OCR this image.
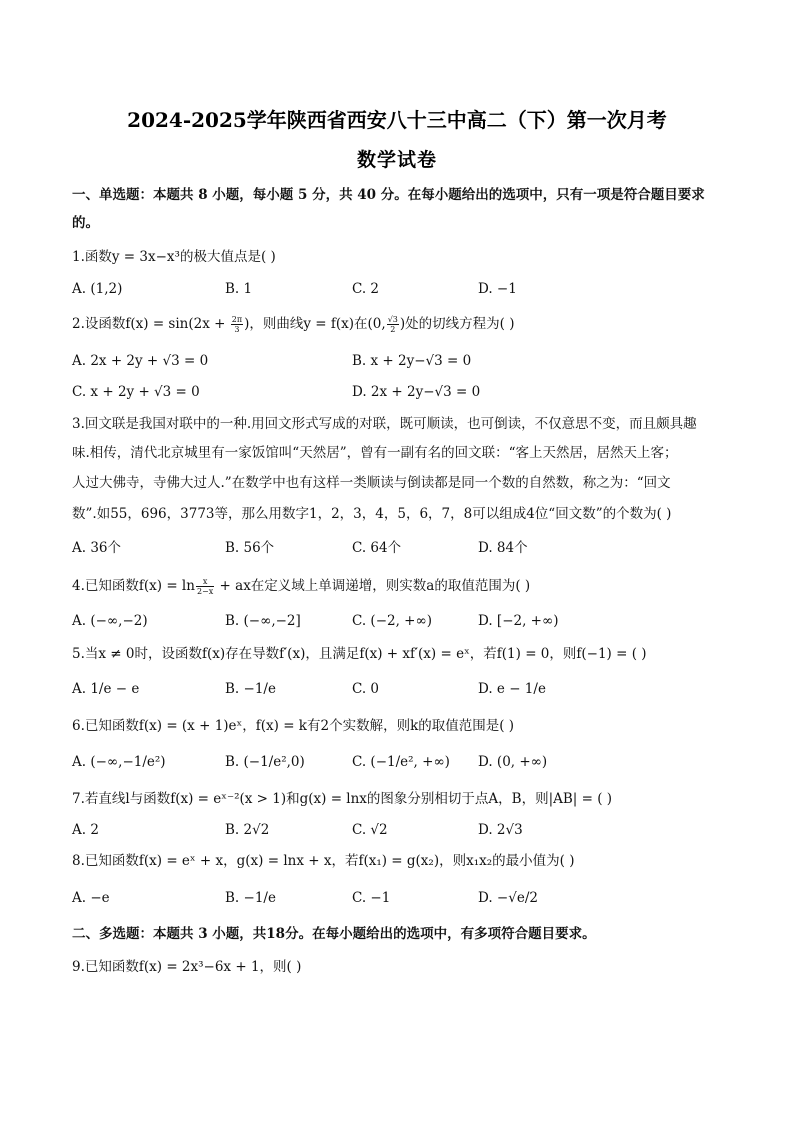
2024-2025学年陕西省西安八十三中高二（下）第一次月考
数学试卷
一、单选题：本题共 8 小题，每小题 5 分，共 40 分。在每小题给出的选项中，只有一项是符合题目要求
的。
1.函数y = 3x−x³的极大值点是( )
A. (1,2)	B. 1	C. 2	D. −1
2.设函数$f(x) = \sin(2x + \frac{2\pi}{3}$ )，则曲线y = f(x)在(0, $\frac{√3}{2}$ )处的切线方程为( )
A. 2x + 2y + √3 = 0	B. x + 2y−√3 = 0
C. x + 2y + √3 = 0	D. 2x + 2y−√3 = 0
3.回文联是我国对联中的一种.用回文形式写成的对联，既可顺读，也可倒读，不仅意思不变，而且颇具趣
味.相传，清代北京城里有一家饭馆叫“天然居”，曾有一副有名的回文联：“客上天然居，居然天上客；
人过大佛寺，寺佛大过人.”在数学中也有这样一类顺读与倒读都是同一个数的自然数，称之为：“回文
数”.如55，696，3773等，那么用数字1，2，3，4，5，6，7，8可以组成4位“回文数”的个数为( )
A. 36个	B. 56个	C. 64个	D. 84个
4.已知函数$f(x) = \ln \frac{x}{2-x}$ + ax在定义域上单调递增，则实数a的取值范围为( )
A. (−∞,−2)	B. (−∞,−2]	C. (−2, +∞)	D. [−2, +∞)
5.当x ≠ 0时，设函数f(x)存在导数f′(x)，且满足f(x) + xf′(x) = eˣ，若f(1) = 0，则f(−1) = ( )
A. 1/e − e	B. −1/e	C. 0	D. e − 1/e
6.已知函数f(x) = (x + 1)eˣ，f(x) = k有2个实数解，则k的取值范围是( )
A. (−∞,−1/e²)	B. (−1/e²,0)	C. (−1/e², +∞) D. (0, +∞)
7.若直线l与函数f(x) = eˣ⁻²(x > 1)和g(x) = lnx的图象分别相切于点A，B，则|AB| = ( )
A. 2	B. 2√2	C. √2	D. 2√3
8.已知函数f(x) = eˣ + x，g(x) = lnx + x，若f(x₁) = g(x₂)，则x₁x₂的最小值为( )
A. −e	B. −1/e	C. −1	D. −√e/2
二、多选题：本题共 3 小题，共18分。在每小题给出的选项中，有多项符合题目要求。
9.已知函数f(x) = 2x³−6x + 1，则( )
